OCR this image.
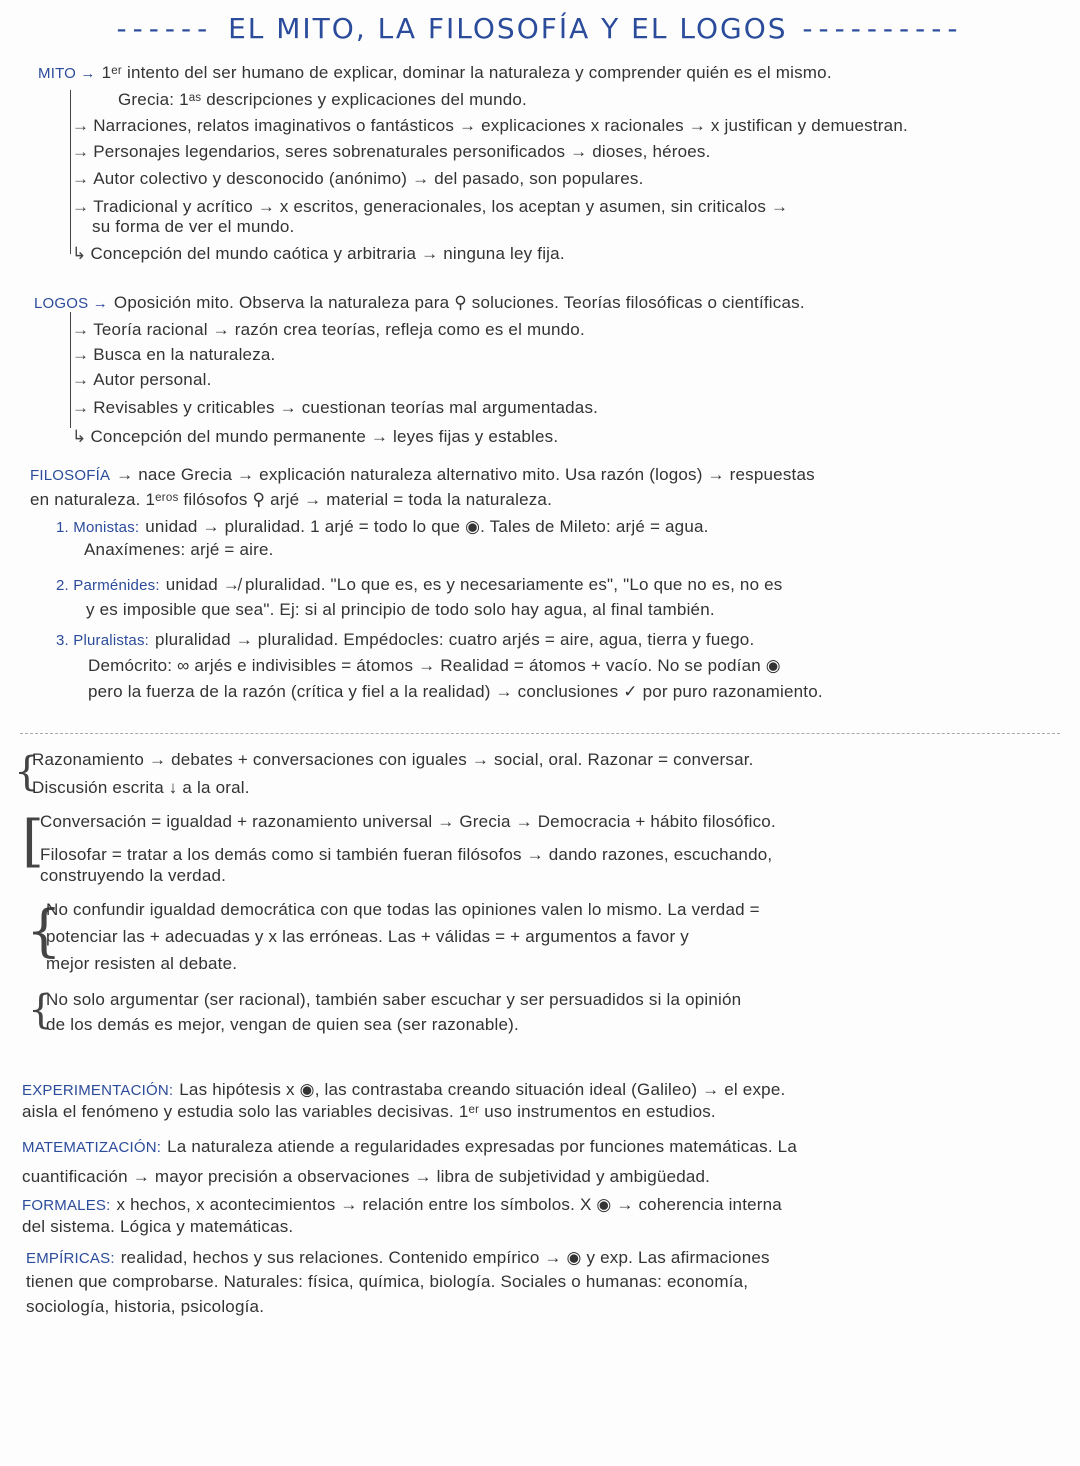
------ EL MITO, LA FILOSOFÍA Y EL LOGOS ----------
MITO → 1ᵉʳ intento del ser humano de explicar, dominar la naturaleza y comprender quién es el mismo.
Grecia: 1ᵃˢ descripciones y explicaciones del mundo.
→ Narraciones, relatos imaginativos o fantásticos → explicaciones x racionales → x justifican y demuestran.
→ Personajes legendarios, seres sobrenaturales personificados → dioses, héroes.
→ Autor colectivo y desconocido (anónimo) → del pasado, son populares.
→ Tradicional y acrítico → x escritos, generacionales, los aceptan y asumen, sin criticalos →
su forma de ver el mundo.
↳ Concepción del mundo caótica y arbitraria → ninguna ley fija.
LOGOS → Oposición mito. Observa la naturaleza para ⚲ soluciones. Teorías filosóficas o científicas.
→ Teoría racional → razón crea teorías, refleja como es el mundo.
→ Busca en la naturaleza.
→ Autor personal.
→ Revisables y criticables → cuestionan teorías mal argumentadas.
↳ Concepción del mundo permanente → leyes fijas y estables.
FILOSOFÍA → nace Grecia → explicación naturaleza alternativo mito. Usa razón (logos) → respuestas
en naturaleza. 1ᵉʳᵒˢ filósofos ⚲ arjé → material = toda la naturaleza.
1. Monistas: unidad → pluralidad. 1 arjé = todo lo que ◉. Tales de Mileto: arjé = agua.
Anaxímenes: arjé = aire.
2. Parménides: unidad ↛ pluralidad. "Lo que es, es y necesariamente es", "Lo que no es, no es
y es imposible que sea". Ej: si al principio de todo solo hay agua, al final también.
3. Pluralistas: pluralidad → pluralidad. Empédocles: cuatro arjés = aire, agua, tierra y fuego.
Demócrito: ∞ arjés e indivisibles = átomos → Realidad = átomos + vacío. No se podían ◉
pero la fuerza de la razón (crítica y fiel a la realidad) → conclusiones ✓ por puro razonamiento.
{
Razonamiento → debates + conversaciones con iguales → social, oral. Razonar = conversar.
Discusión escrita ↓ a la oral.
[
Conversación = igualdad + razonamiento universal → Grecia → Democracia + hábito filosófico.
Filosofar = tratar a los demás como si también fueran filósofos → dando razones, escuchando,
construyendo la verdad.
{
No confundir igualdad democrática con que todas las opiniones valen lo mismo. La verdad =
potenciar las + adecuadas y x las erróneas. Las + válidas = + argumentos a favor y
mejor resisten al debate.
{
No solo argumentar (ser racional), también saber escuchar y ser persuadidos si la opinión
de los demás es mejor, vengan de quien sea (ser razonable).
EXPERIMENTACIÓN: Las hipótesis x ◉, las contrastaba creando situación ideal (Galileo) → el expe.
aisla el fenómeno y estudia solo las variables decisivas. 1ᵉʳ uso instrumentos en estudios.
MATEMATIZACIÓN: La naturaleza atiende a regularidades expresadas por funciones matemáticas. La
cuantificación → mayor precisión a observaciones → libra de subjetividad y ambigüedad.
FORMALES: x hechos, x acontecimientos → relación entre los símbolos. X ◉ → coherencia interna
del sistema. Lógica y matemáticas.
EMPÍRICAS: realidad, hechos y sus relaciones. Contenido empírico → ◉ y exp. Las afirmaciones
tienen que comprobarse. Naturales: física, química, biología. Sociales o humanas: economía,
sociología, historia, psicología.
